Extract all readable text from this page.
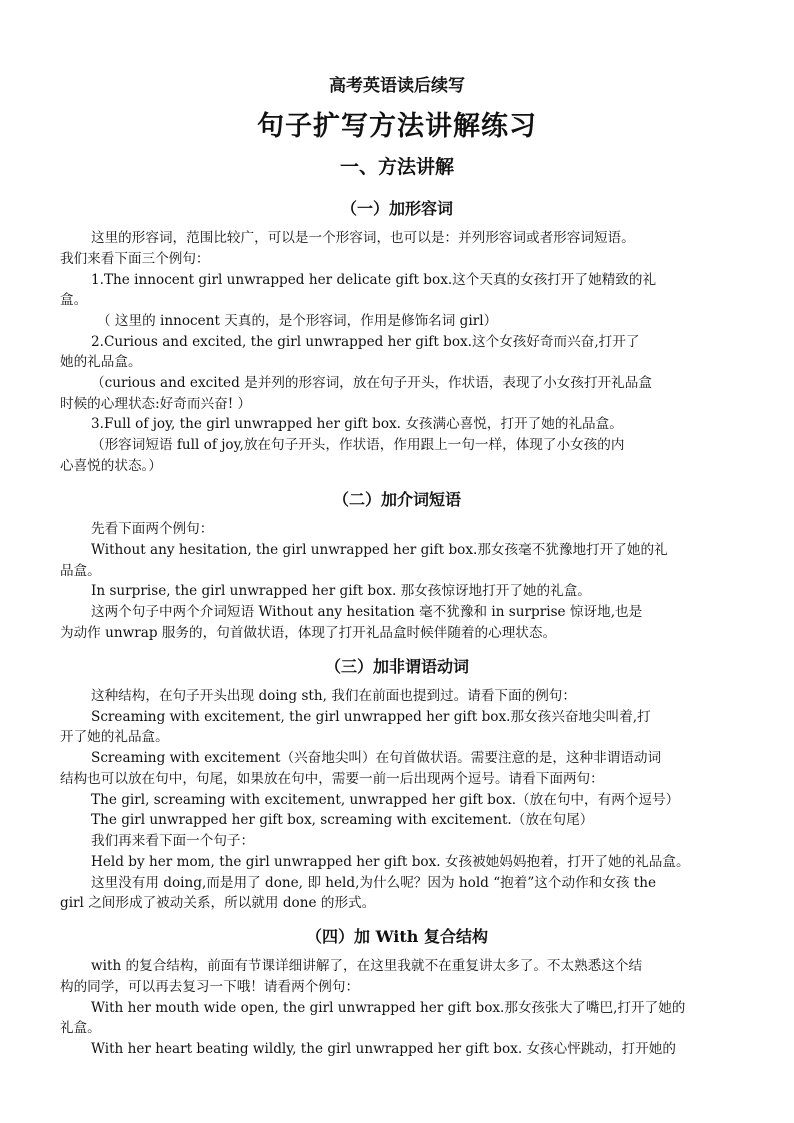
高考英语读后续写
句子扩写方法讲解练习
一、方法讲解
（一）加形容词
这里的形容词，范围比较广，可以是一个形容词，也可以是：并列形容词或者形容词短语。
我们来看下面三个例句：
1.The innocent girl unwrapped her delicate gift box.这个天真的女孩打开了她精致的礼
盒。
（ 这里的 innocent 天真的，是个形容词，作用是修饰名词 girl）
2.Curious and excited, the girl unwrapped her gift box.这个女孩好奇而兴奋,打开了
她的礼品盒。
（curious and excited 是并列的形容词，放在句子开头，作状语，表现了小女孩打开礼品盒
时候的心理状态:好奇而兴奋! ）
3.Full of joy, the girl unwrapped her gift box. 女孩满心喜悦，打开了她的礼品盒。
（形容词短语 full of joy,放在句子开头，作状语，作用跟上一句一样，体现了小女孩的内
心喜悦的状态。）
（二）加介词短语
先看下面两个例句：
Without any hesitation, the girl unwrapped her gift box.那女孩毫不犹豫地打开了她的礼
品盒。
In surprise, the girl unwrapped her gift box. 那女孩惊讶地打开了她的礼盒。
这两个句子中两个介词短语 Without any hesitation 毫不犹豫和 in surprise 惊讶地,也是
为动作 unwrap 服务的，句首做状语，体现了打开礼品盒时候伴随着的心理状态。
（三）加非谓语动词
这种结构，在句子开头出现 doing sth, 我们在前面也提到过。请看下面的例句：
Screaming with excitement, the girl unwrapped her gift box.那女孩兴奋地尖叫着,打
开了她的礼品盒。
Screaming with excitement（兴奋地尖叫）在句首做状语。需要注意的是，这种非谓语动词
结构也可以放在句中，句尾，如果放在句中，需要一前一后出现两个逗号。请看下面两句：
The girl, screaming with excitement, unwrapped her gift box.（放在句中，有两个逗号）
The girl unwrapped her gift box, screaming with excitement.（放在句尾）
我们再来看下面一个句子：
Held by her mom, the girl unwrapped her gift box. 女孩被她妈妈抱着，打开了她的礼品盒。
这里没有用 doing,而是用了 done, 即 held,为什么呢？因为 hold “抱着”这个动作和女孩 the
girl 之间形成了被动关系，所以就用 done 的形式。
（四）加 With 复合结构
with 的复合结构，前面有节课详细讲解了，在这里我就不在重复讲太多了。不太熟悉这个结
构的同学，可以再去复习一下哦！请看两个例句：
With her mouth wide open, the girl unwrapped her gift box.那女孩张大了嘴巴,打开了她的
礼盒。
With her heart beating wildly, the girl unwrapped her gift box. 女孩心怦跳动，打开她的
